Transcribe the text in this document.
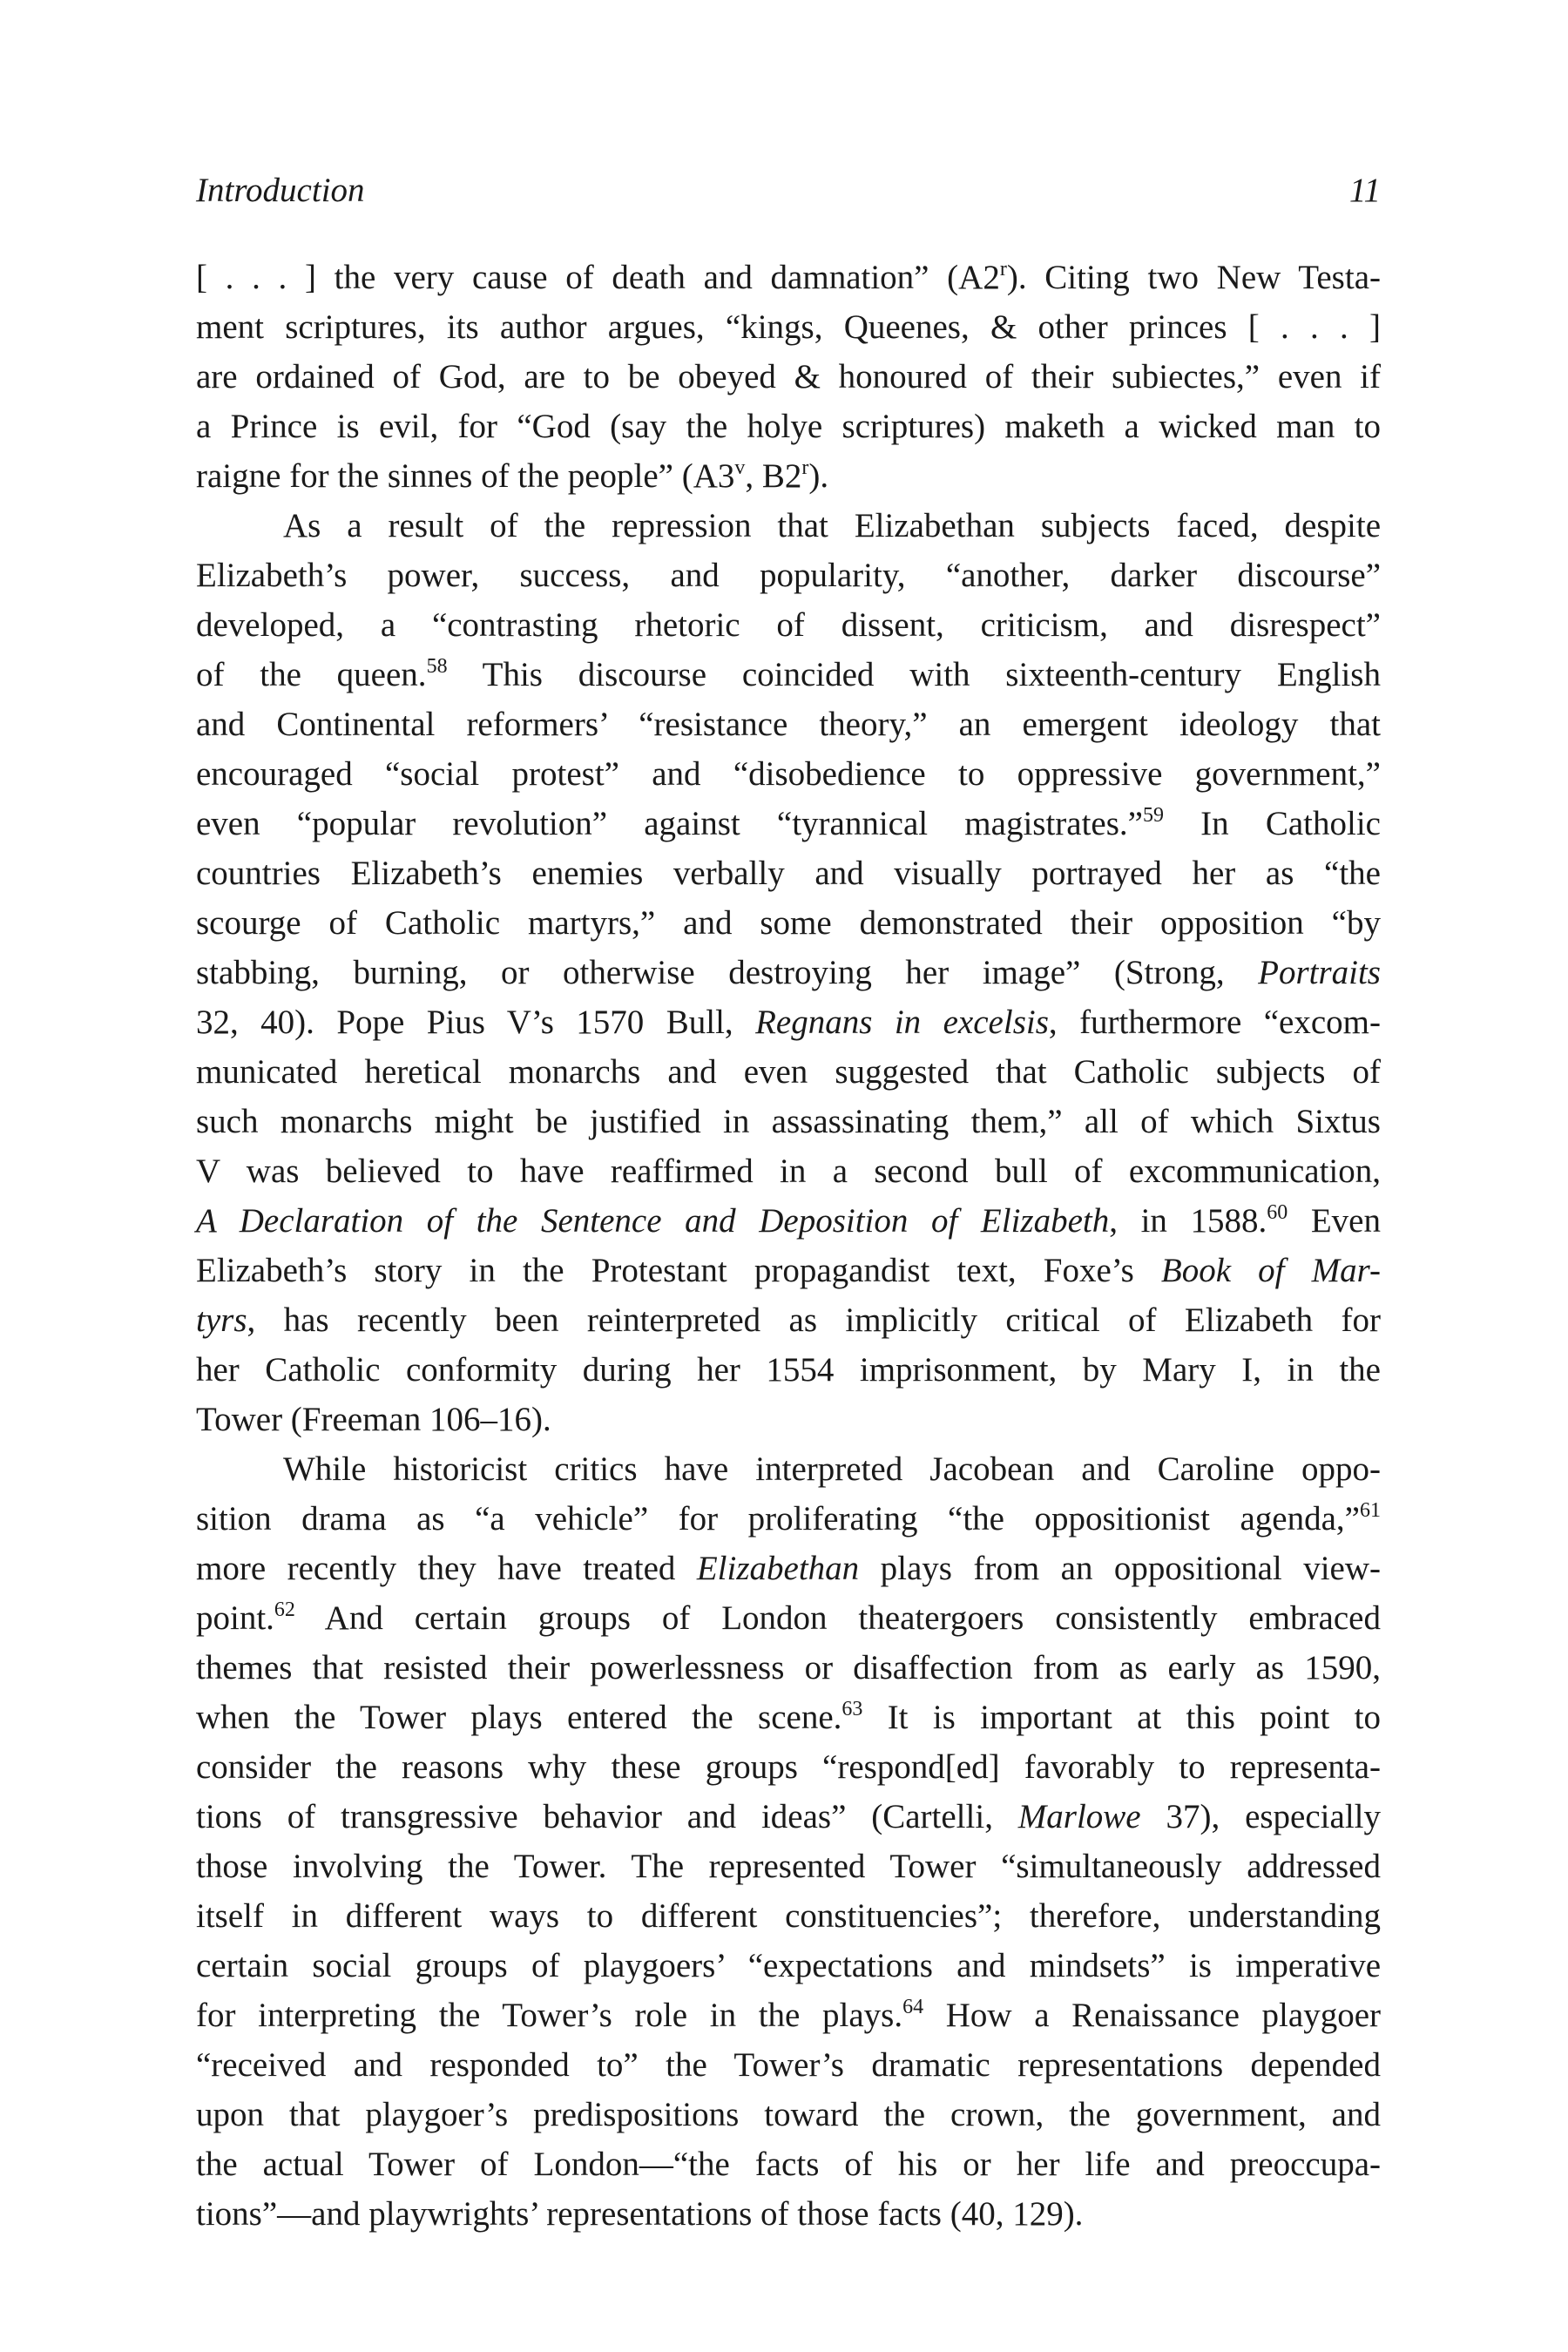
Introduction	11
[ . . . ] the very cause of death and damnation” (A2$^r$). Citing two New Testa-
ment scriptures, its author argues, “kings, Queenes, & other princes [ . . . ]
are ordained of God, are to be obeyed & honoured of their subiectes,” even if
a Prince is evil, for “God (say the holye scriptures) maketh a wicked man to
raigne for the sinnes of the people” (A3$^v$, B2$^r$).
As a result of the repression that Elizabethan subjects faced, despite
Elizabeth’s power, success, and popularity, “another, darker discourse”
developed, a “contrasting rhetoric of dissent, criticism, and disrespect”
of the queen.$^{58}$ This discourse coincided with sixteenth-century English
and Continental reformers’ “resistance theory,” an emergent ideology that
encouraged “social protest” and “disobedience to oppressive government,”
even “popular revolution” against “tyrannical magistrates.”$^{59}$ In Catholic
countries Elizabeth’s enemies verbally and visually portrayed her as “the
scourge of Catholic martyrs,” and some demonstrated their opposition “by
stabbing, burning, or otherwise destroying her image” (Strong, Portraits
32, 40). Pope Pius V’s 1570 Bull, Regnans in excelsis, furthermore “excom-
municated heretical monarchs and even suggested that Catholic subjects of
such monarchs might be justified in assassinating them,” all of which Sixtus
V was believed to have reaffirmed in a second bull of excommunication,
A Declaration of the Sentence and Deposition of Elizabeth, in 1588.60 Even
Elizabeth’s story in the Protestant propagandist text, Foxe’s Book of Mar-
tyrs, has recently been reinterpreted as implicitly critical of Elizabeth for
her Catholic conformity during her 1554 imprisonment, by Mary I, in the
Tower (Freeman 106–16).
While historicist critics have interpreted Jacobean and Caroline oppo-
sition drama as “a vehicle” for proliferating “the oppositionist agenda,”$^{61}$
more recently they have treated Elizabethan plays from an oppositional view-
point.$^{62}$ And certain groups of London theatergoers consistently embraced
themes that resisted their powerlessness or disaffection from as early as 1590,
when the Tower plays entered the scene.$^{63}$ It is important at this point to
consider the reasons why these groups “respond[ed] favorably to representa-
tions of transgressive behavior and ideas” (Cartelli, Marlowe 37), especially
those involving the Tower. The represented Tower “simultaneously addressed
itself in different ways to different constituencies”; therefore, understanding
certain social groups of playgoers’ “expectations and mindsets” is imperative
for interpreting the Tower’s role in the plays.$^{64}$ How a Renaissance playgoer
“received and responded to” the Tower’s dramatic representations depended
upon that playgoer’s predispositions toward the crown, the government, and
the actual Tower of London—“the facts of his or her life and preoccupa-
tions”—and playwrights’ representations of those facts (40, 129).
